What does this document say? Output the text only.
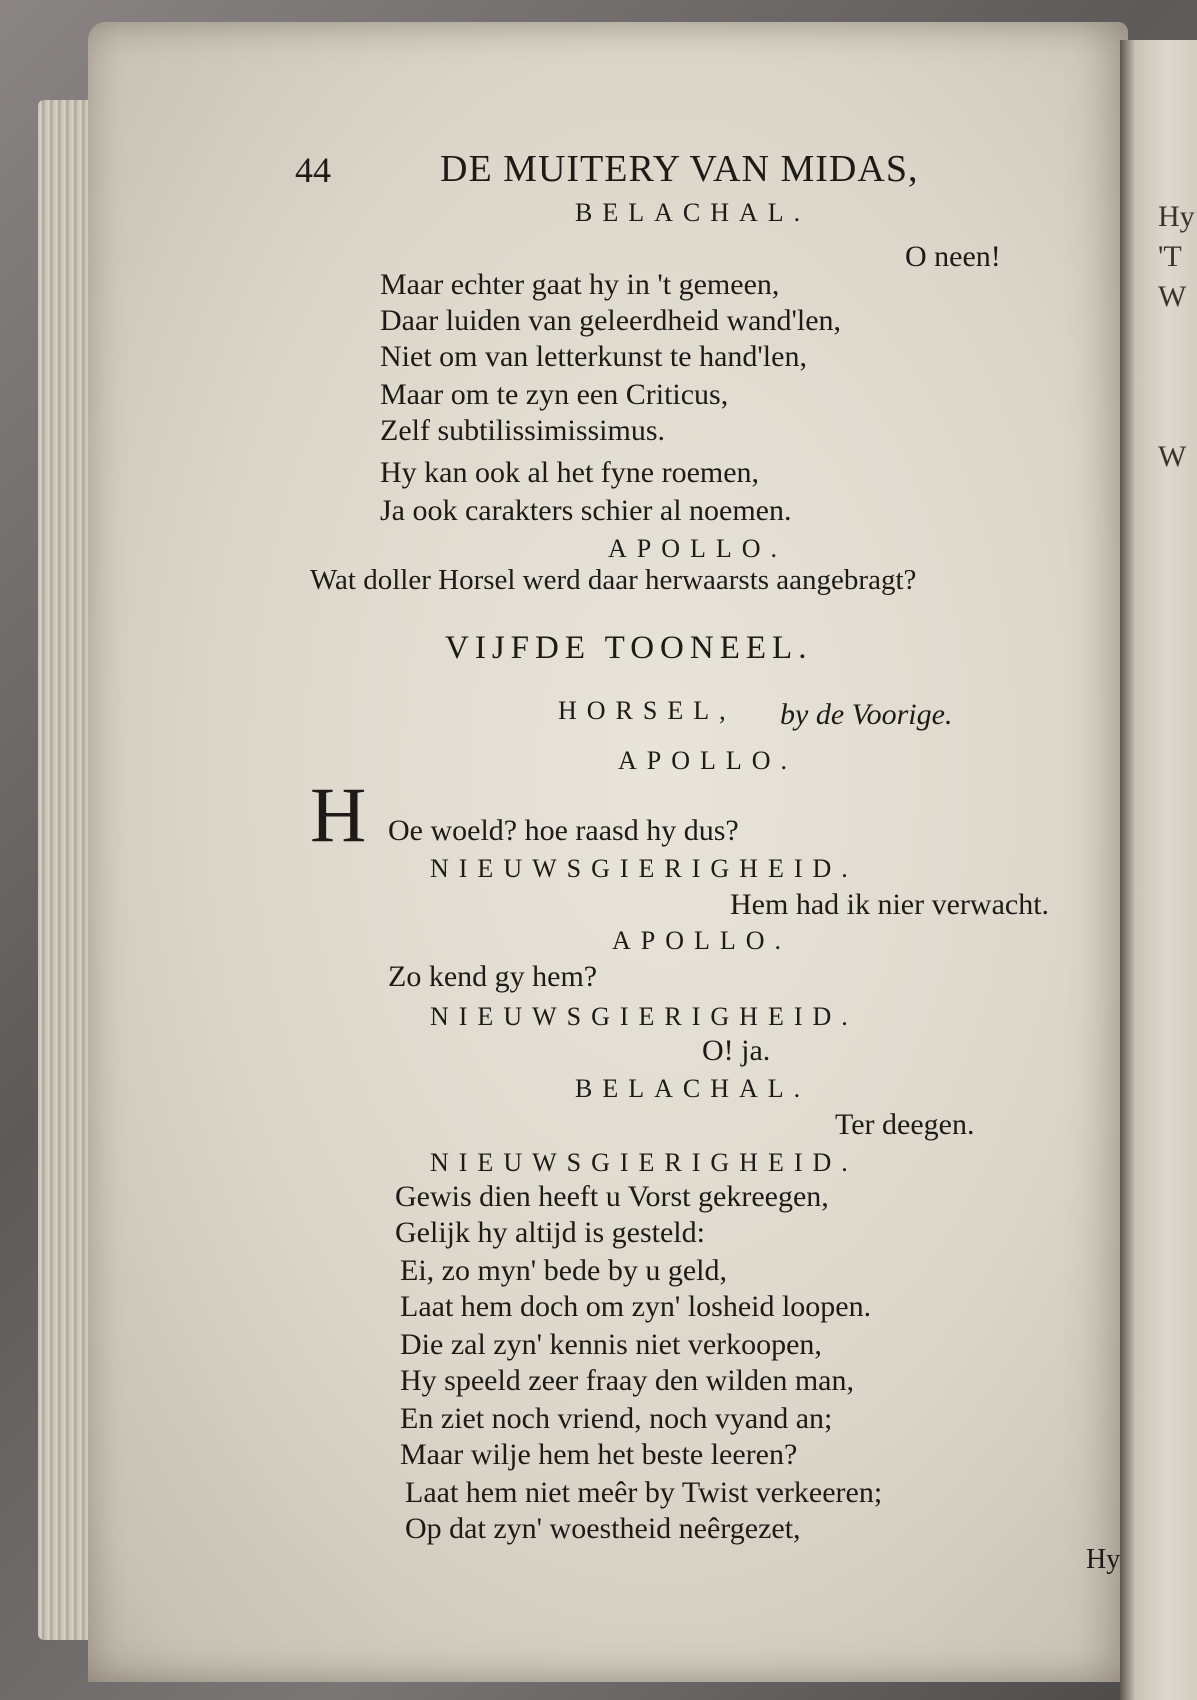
Hy
'T
W
W
44	DE MUITERY VAN MIDAS,
BELACHAL.
O neen!
Maar echter gaat hy in 't gemeen,
Daar luiden van geleerdheid wand'len,
Niet om van letterkunst te hand'len,
Maar om te zyn een Criticus,
Zelf subtilissimissimus.
Hy kan ook al het fyne roemen,
Ja ook carakters schier al noemen.
APOLLO.
Wat doller Horsel werd daar herwaarsts aangebragt?
VIJFDE TOONEEL.
HORSEL, by de Voorige.
APOLLO.
H Oe woeld? hoe raasd hy dus?
NIEUWSGIERIGHEID.
Hem had ik nier verwacht.
APOLLO.
Zo kend gy hem?
NIEUWSGIERIGHEID.
O! ja.
BELACHAL.
Ter deegen.
NIEUWSGIERIGHEID.
Gewis dien heeft u Vorst gekreegen,
Gelijk hy altijd is gesteld:
Ei, zo myn' bede by u geld,
Laat hem doch om zyn' losheid loopen.
Die zal zyn' kennis niet verkoopen,
Hy speeld zeer fraay den wilden man,
En ziet noch vriend, noch vyand an;
Maar wilje hem het beste leeren?
Laat hem niet meêr by Twist verkeeren;
Op dat zyn' woestheid neêrgezet,
Hy
